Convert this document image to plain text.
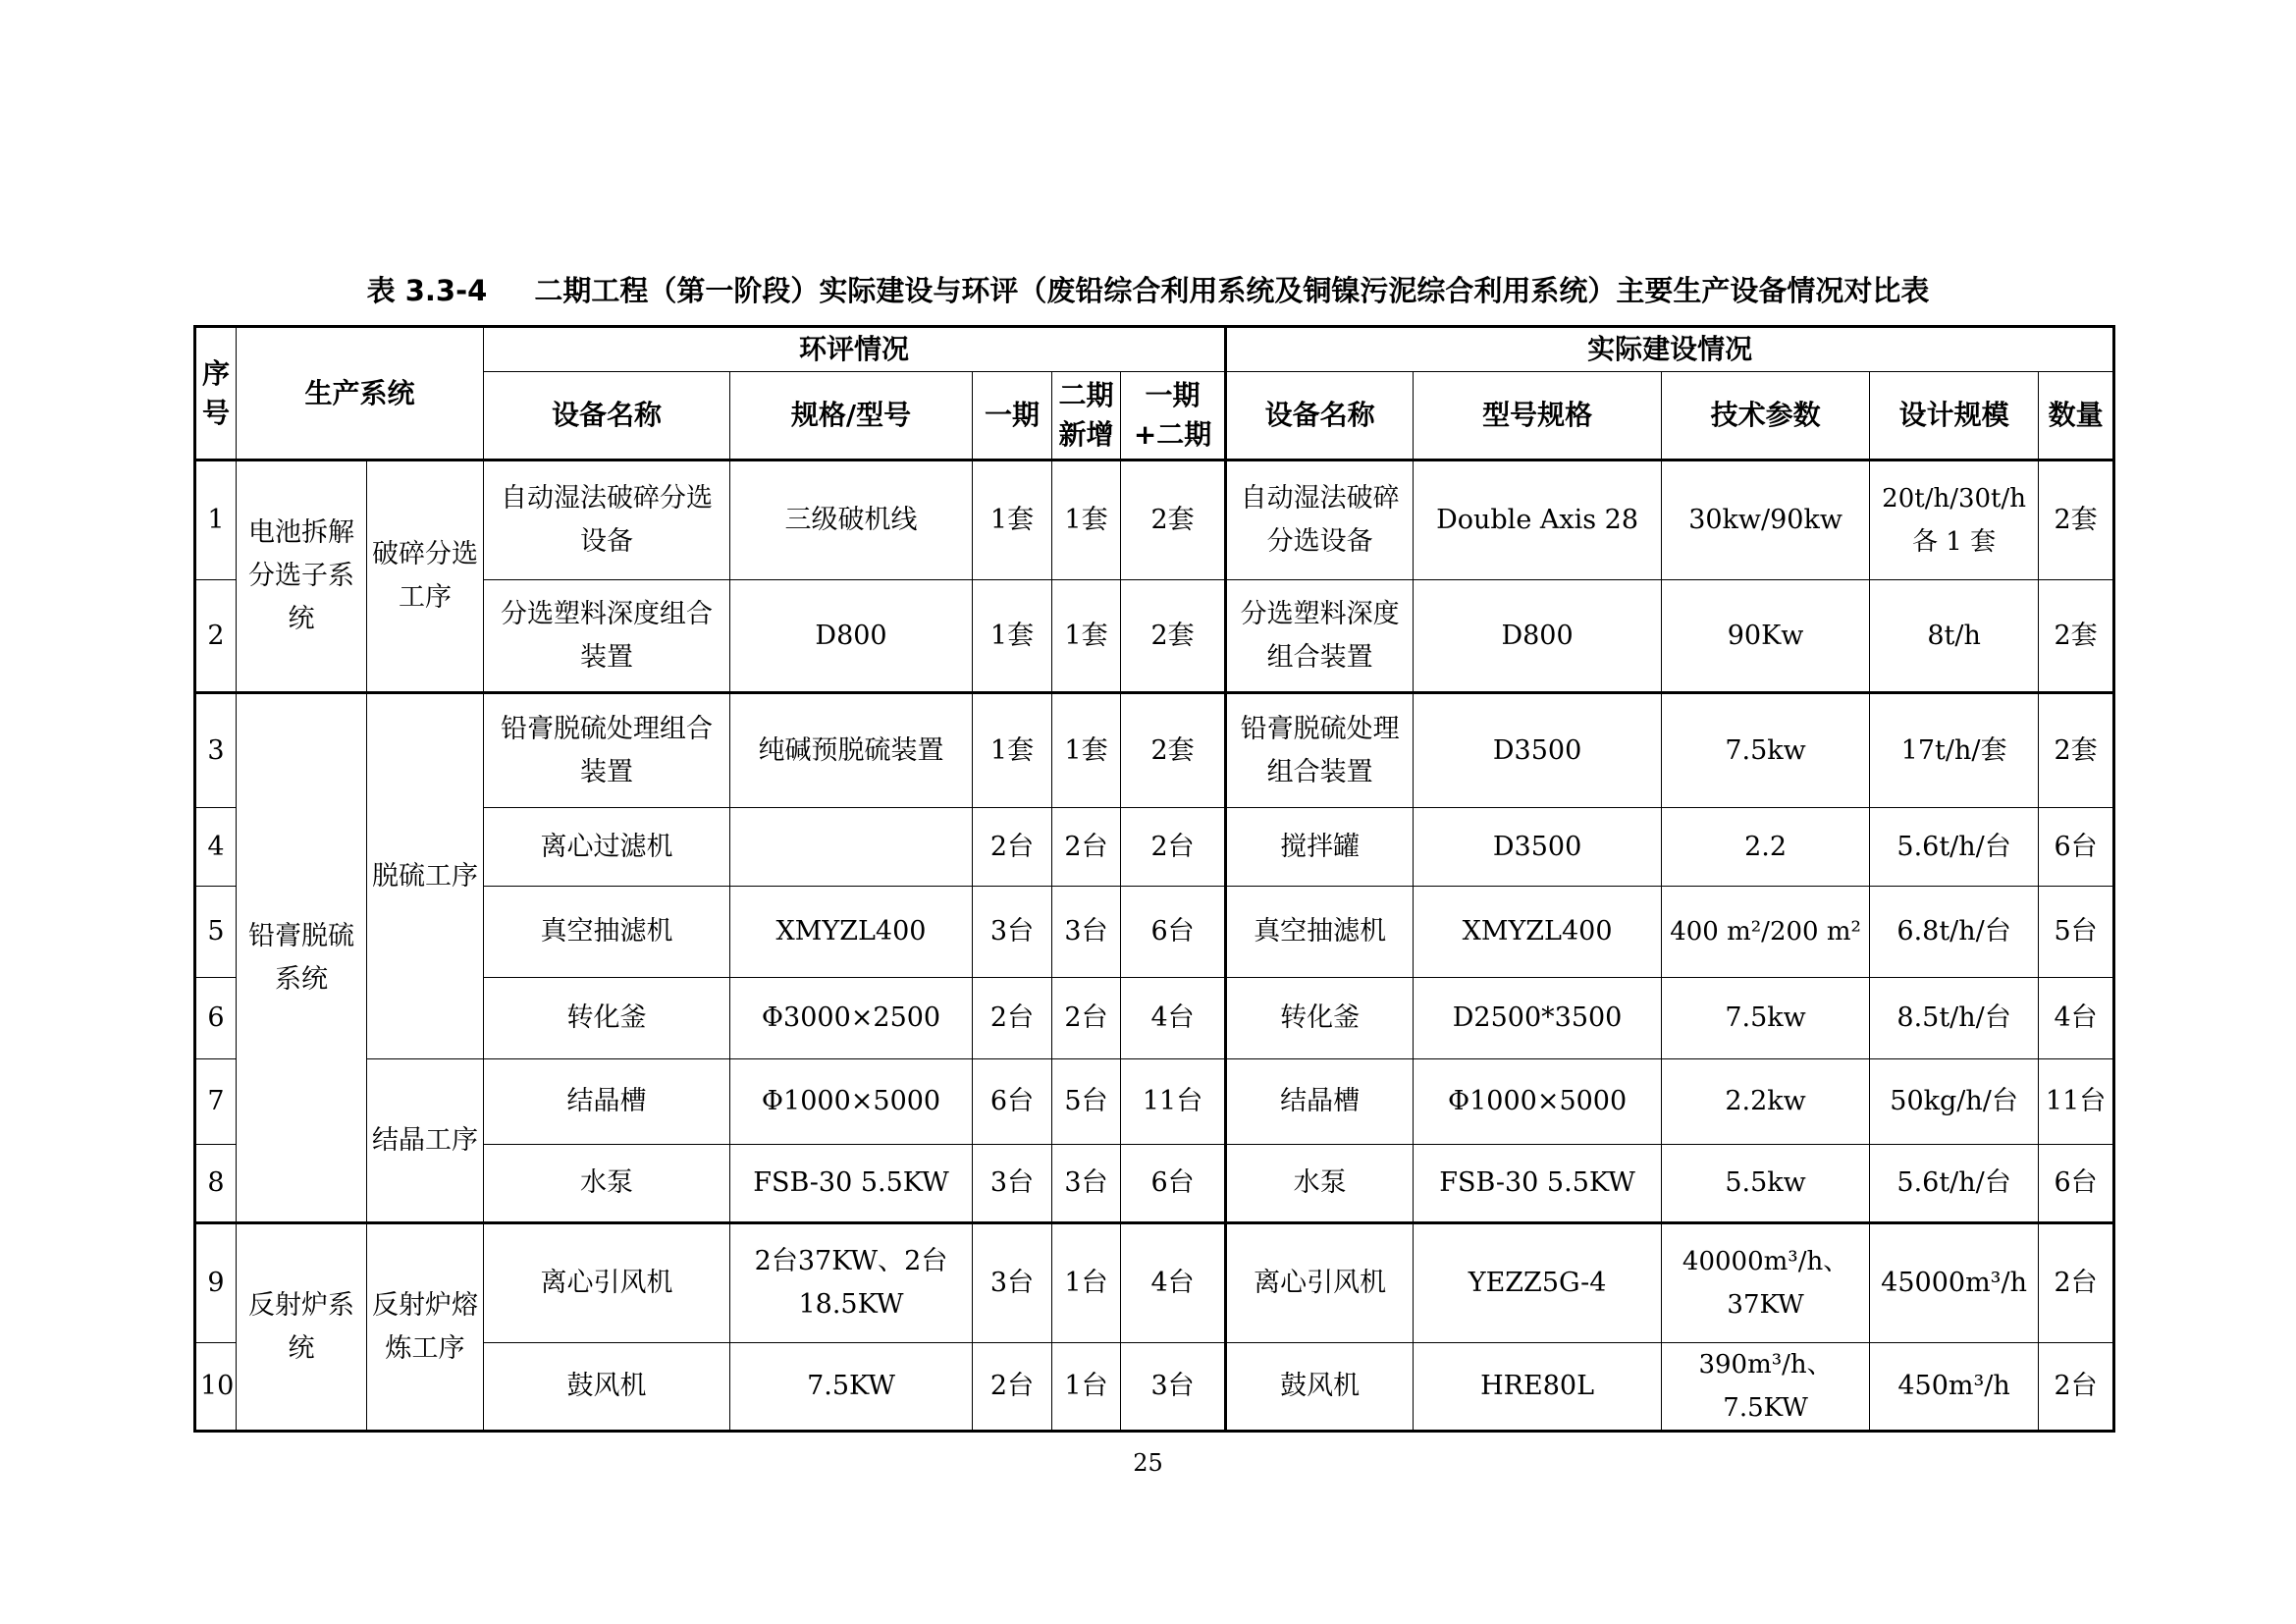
表 3.3-4 二期工程（第一阶段）实际建设与环评（废铅综合利用系统及铜镍污泥综合利用系统）主要生产设备情况对比表
序号	生产系统		环评情况					实际建设情况				
			设备名称	规格/型号	一期	二期新增	一期+二期	设备名称	型号规格	技术参数	设计规模	数量
1	电池拆解分选子系统	破碎分选 工序	自动湿法破碎分选设备	三级破机线	1套	1套	2套	自动湿法破碎分选设备	Double Axis 28	30kw/90kw	20t/h/30t/h 各 1 套	2套
2			分选塑料深度组合装置	D800	1套	1套	2套	分选塑料深度组合装置	D800	90Kw	8t/h	2套
3	铅膏脱硫系统	脱硫工序	铅膏脱硫处理组合装置	纯碱预脱硫装置	1套	1套	2套	铅膏脱硫处理组合装置	D3500	7.5kw	17t/h/套	2套
4			离心过滤机		2台	2台	2台	搅拌罐	D3500	2.2	5.6t/h/台	6台
5			真空抽滤机	XMYZL400	3台	3台	6台	真空抽滤机	XMYZL400	400 m²/200 m²	6.8t/h/台	5台
6			转化釜	Φ3000×2500	2台	2台	4台	转化釜	D2500*3500	7.5kw	8.5t/h/台	4台
7		结晶工序	结晶槽	Φ1000×5000	6台	5台	11台	结晶槽	Φ1000×5000	2.2kw	50kg/h/台	11台
8			水泵	FSB-30 5.5KW	3台	3台	6台	水泵	FSB-30 5.5KW	5.5kw	5.6t/h/台	6台
9	反射炉系统	反射炉熔炼工序	离心引风机	2台37KW、2台18.5KW	3台	1台	4台	离心引风机	YEZZ5G-4	40000m³/h、37KW	45000m³/h	2台
10			鼓风机	7.5KW	2台	1台	3台	鼓风机	HRE80L	390m³/h、7.5KW	450m³/h	2台
25
